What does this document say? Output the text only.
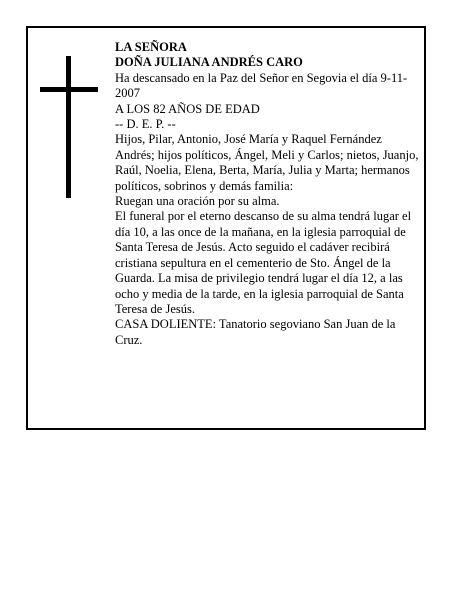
LA SEÑORA

DOÑA JULIANA ANDRÉS CARO

Ha descansado en la Paz del Señor en Segovia el día 9-11-2007

A LOS 82 AÑOS DE EDAD

-- D. E. P. --

Hijos, Pilar, Antonio, José María y Raquel Fernández Andrés; hijos políticos, Ángel, Meli y Carlos; nietos, Juanjo, Raúl, Noelia, Elena, Berta, María, Julia y Marta; hermanos políticos, sobrinos y demás familia:

Ruegan una oración por su alma.

El funeral por el eterno descanso de su alma tendrá lugar el día 10, a las once de la mañana, en la iglesia parroquial de Santa Teresa de Jesús. Acto seguido el cadáver recibirá cristiana sepultura en el cementerio de Sto. Ángel de la Guarda. La misa de privilegio tendrá lugar el día 12, a las ocho y media de la tarde, en la iglesia parroquial de Santa Teresa de Jesús.

CASA DOLIENTE: Tanatorio segoviano San Juan de la Cruz.
